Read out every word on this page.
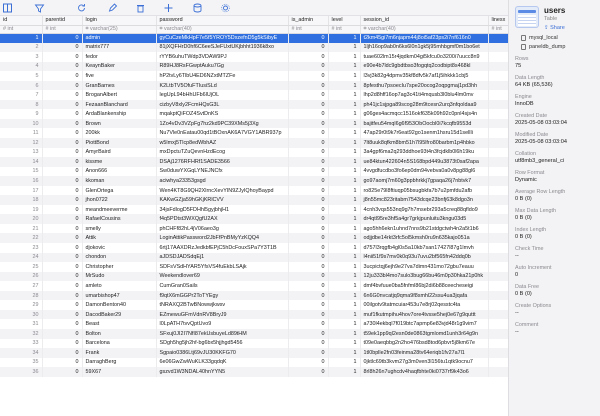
id	parentid	login	password	is_admin	level	session_id	linesx
# int	# int	⌗ varchar(25)	⌗ varchar(40)	# int	# int	⌗ varchar(40)	# int
1	0	admin	gyCuCzeMkHpF7e5f5YROY5DxzefnD5g5kSibyE	0	1	t2km45gi7m6njapm44j8oi5af23ps2i7nf616n0	
2	0	matrix777	81jXQFHrD0hf6C6eeSJeFUxtUKjbhht1936k8xo	0	1	1ljh16op9ab0n6ks6l0n1gk5j95mhbgmf0m1bo6et	
3	0	fedor	rYYB6uhuTWdp3VDAW9PJ	0	1	tuae602lm15r4jqdkm04gi5kfcu0o3200i7uucc8n9	
4	0	KeaynBaker	R89HJ8RsFGwptAuku7Gg	0	1	e90e4b7ldc9gbdtbso3fogqtq2codbipt8s468kl	
5	0	five	hP2tvLy6TlbU4ED6NZxtMTZFe	0	1	l3vj3k82g4dpmv35kf8dfv5k7af1j5ihkkk1cbj5	
6	0	GranBarnes	K2LtbTV5OfuFTIusiSLd	0	1	8pfesthu7psoecIu7spe20ocog2oqpgmaj1pd3hh	
7	0	BroganAlbert	legUpL94bHhUFb6lUjOL	0	1	lhp2d8hff16op7ag3c41ti4mqusb3l0blu4lm0mv	
8	0	FezaanBlanchard	cizbyV8xly2FcmHQsG3L	0	1	ph41jc1sjpga89scog28m9tcesn2urq3nfqoldaa9	
9	0	ArdaBlankenship	mqakptQiFOZ4SvtDnKS	0	1	g06ges4acmqcc1516okf635k09h92c0pnl4sjs4n	
10	0	Brown	1Zo4vDv3VZpFg7hz2kd9PC39XMs5j3Xg	0	1	bajitfeu54mql6g6f953ObOocbl0i7kcqfb9553d	
11	0	200kk	Nu7Vle0nEatau00qd1tBOxnAK6A7VGY1ABR937p	0	1	47ap29r0t9k7r6eat92go1senm1hsru15d1sellli	
12	0	PiottBond	w5lmxj5Tlcp8edWbhAZ	0	1	7lt8uuk8qfkm8bm51h7l95lfro80barbm1p4hbko	
13	0	AmyrBaird	mxDpctuTZuQevnHzdEcog	0	1	3a4gpf6ma2q293ddhoe93t4n3fcjdklb0l6h19ku	
14	0	kissme	DSAj1276RFHRf1SADE3566	0	1	ue84ktun422604n5S168bpd449u3873t0saf2apa	
15	0	Anon666	Sw0duwYXGqLYNEJNCfx	0	1	4vvgdfucdbo3fo6ep0dm94vebva0a0v8pg88gl6	
16	0	kkoman	aciwhya23353gsgd	0	1	go97aomj7m60g3ppbhrkkj7gpaqa26j7nbtvk7	
17	0	GlenOrtega	Wen4KT8G9QH2XlrncXevYIN9ZJyIQhoyBaypd	0	1	ro825e79l8ftiuqp05bsugbkfa7b7u2pmfdu2afb	
18	0	jhon0722	KAKwGZja59hGKjKRlCVV	0	1	j8n55mc823ritabm7543dcqe23bnfj63k8dgo3n	
19	0	meandmeeverme	34jsFdlogD5FDHhl5gyjbhjH1	0	1	4cnh3vqs553nq9g7h7msebr293a5creq88qfldo9	
20	0	RafaelCousins	f4q5PDtst3WXQgfU2AX	0	1	dr4qtl95re3hf5a4gr7grkjpunluitu3kngu03d5	
21	0	smelly	phCHFf82hL4jV06aeo3g	0	1	ago5hh6ekn1uhnd7nns9b21stdgctwh4n2a5t1b6	
22	0	Attik	LoginAttikPassword2JbFfPnBMyYzKQQ4	0	1	odjjdbe14rkt3rfc5ol5kmsh0ru9n635kajo051a	
23	0	djokovic	6rtj17AAXDRzJedkbfEPjC5hDcFouxSPa7Y3T1B	0	1	d757l3rqgfb4gl0s5a10kb7san17427l87g1lmvh	
24	0	chondon	aJDSDJADSdqEj1	0	1	l4nii51f9s7mv0k0q93u7uvu2bf565fn42ddq0b	
25	0	Christopher	SDFsVSdHYAR5YfsVS4fuEkbLSAjk	0	1	3ucpictqj6ejh9e27va7dimn431mo72gbu7eauu	
26	0	MrSudo	Weekendlover69	0	1	12ju333bl4mo7sulo3bug66bu46m0p30hka21p0hk	
27	0	amleto	CumGran0Sails	0	1	dmf4bvfuue0ba5fnfml86bj2di6b88ceecheseigi	
28	0	umarbishop47	f9qtX6mGGPr2ToTYEgy	0	1	6n6G0nvcatjq9qma9f8smhl22ssu4ua3jqafa	
29	0	DamonBenton40	tNRAXQ2BTwBNowwjkwsv	0	1	00ilgotv9tatmcuiar453u7e8rj02qesstc4ta	
30	0	DacodBaker29	EZmewuGFmVdnRV8BryJ9	0	1	muf1fkutmpihu4hov7ore4tvsse5hej0e67g9quttt	
31	0	Beast	l0LpATH7tvvQptUvo9	0	1	a730l4ekbql7f019btc7apmp6e83vjd48r1g9vim7	
32	0	Bolton	SFxuj0JI2I7NfI87ekUsbuyeLd89tHM	0	1	t59ek1pp9ql2esn0de0863tgmlomd1unh3r64g9n	
33	0	Barcelona	SDgh5hg5jh2hf-bg6bx5hjjhgd5456	0	1	t09e0aeqbbg2n2ho476bsd8tod6pbvr5j8km67e	
34	0	Frank	Sgpaio0386Ltj69vJU30KKFG70	0	1	1tl0bplle2fn03feinma28tv64eriqb1fv27a7l1	
35	0	DarraghBerg	6e06GwZwWuKLK33gqdqK	0	1	0jktlc69tb3kvm27g3m0ven3l156tu1qtk9ocnu7	
36	0	59X67	gszvd1W3NDAL40hnYYN5	0	1	8rl8h26n7ughcdv4haqfbhte0ki0737rf9k43o6	
users
Table
⇪ Share
mysql_local
paneldb_dump
Rows
75
Data Length
64 KB (65,536)
Engine
InnoDB
Created Date
2025-05-08 03:03:04
Modified Date
2025-05-08 03:03:04
Collation
utf8mb3_general_ci
Row Format
Dynamic
Average Row Length
0 B (0)
Max Data Length
0 B (0)
Index Length
0 B (0)
Check Time
--
Auto Increment
0
Data Free
0 B (0)
Create Options
--
Comment
--
